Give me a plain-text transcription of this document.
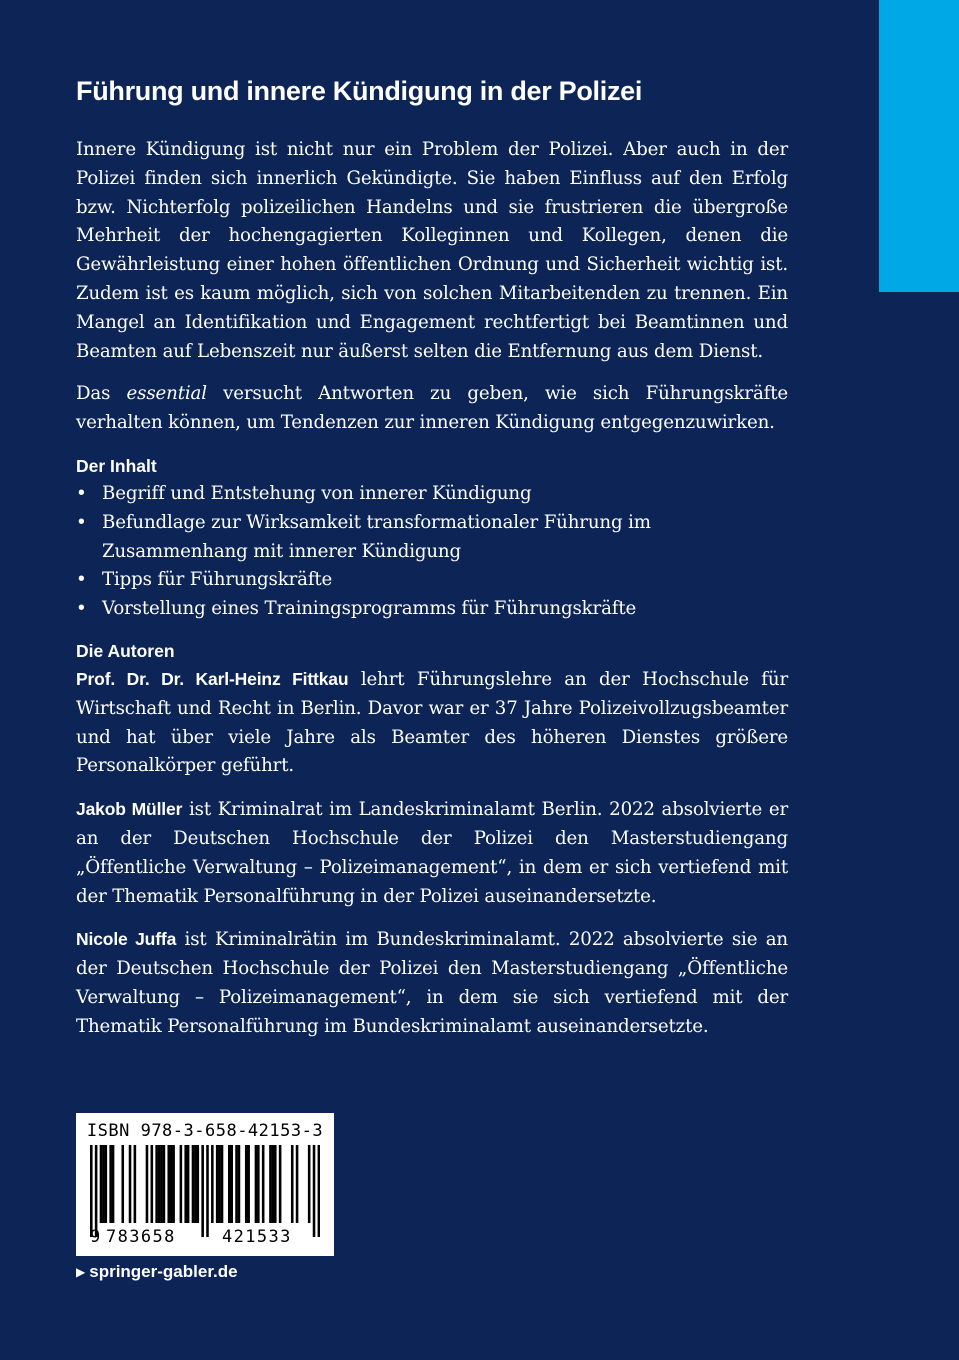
Führung und innere Kündigung in der Polizei

Innere Kündigung ist nicht nur ein Problem der Polizei. Aber auch in der Polizei finden sich innerlich Gekündigte. Sie haben Einfluss auf den Erfolg bzw. Nichterfolg polizeilichen Handelns und sie frustrieren die übergroße Mehrheit der hochengagierten Kolleginnen und Kollegen, denen die Gewährleistung einer hohen öffentlichen Ordnung und Sicherheit wichtig ist. Zudem ist es kaum möglich, sich von solchen Mitarbeitenden zu trennen. Ein Mangel an Identifikation und Engagement rechtfertigt bei Beamtinnen und Beamten auf Lebenszeit nur äußerst selten die Entfernung aus dem Dienst.

Das essential versucht Antworten zu geben, wie sich Führungskräfte verhalten können, um Tendenzen zur inneren Kündigung entgegenzuwirken.

Der Inhalt
• Begriff und Entstehung von innerer Kündigung
• Befundlage zur Wirksamkeit transformationaler Führung im Zusammenhang mit innerer Kündigung
• Tipps für Führungskräfte
• Vorstellung eines Trainingsprogramms für Führungskräfte
Die Autoren

Prof. Dr. Dr. Karl-Heinz Fittkau lehrt Führungslehre an der Hochschule für Wirtschaft und Recht in Berlin. Davor war er 37 Jahre Polizeivollzugsbeamter und hat über viele Jahre als Beamter des höheren Dienstes größere Personalkörper geführt.

Jakob Müller ist Kriminalrat im Landeskriminalamt Berlin. 2022 absolvierte er an der Deutschen Hochschule der Polizei den Masterstudiengang „Öffentliche Verwaltung – Polizeimanagement“, in dem er sich vertiefend mit der Thematik Personalführung in der Polizei auseinandersetzte.

Nicole Juffa ist Kriminalrätin im Bundeskriminalamt. 2022 absolvierte sie an der Deutschen Hochschule der Polizei den Masterstudiengang „Öffentliche Verwaltung – Polizeimanagement“, in dem sie sich vertiefend mit der Thematik Personalführung im Bundeskriminalamt auseinandersetzte.

ISBN 978-3-658-42153-3
9 783658	421533
▶ springer-gabler.de
